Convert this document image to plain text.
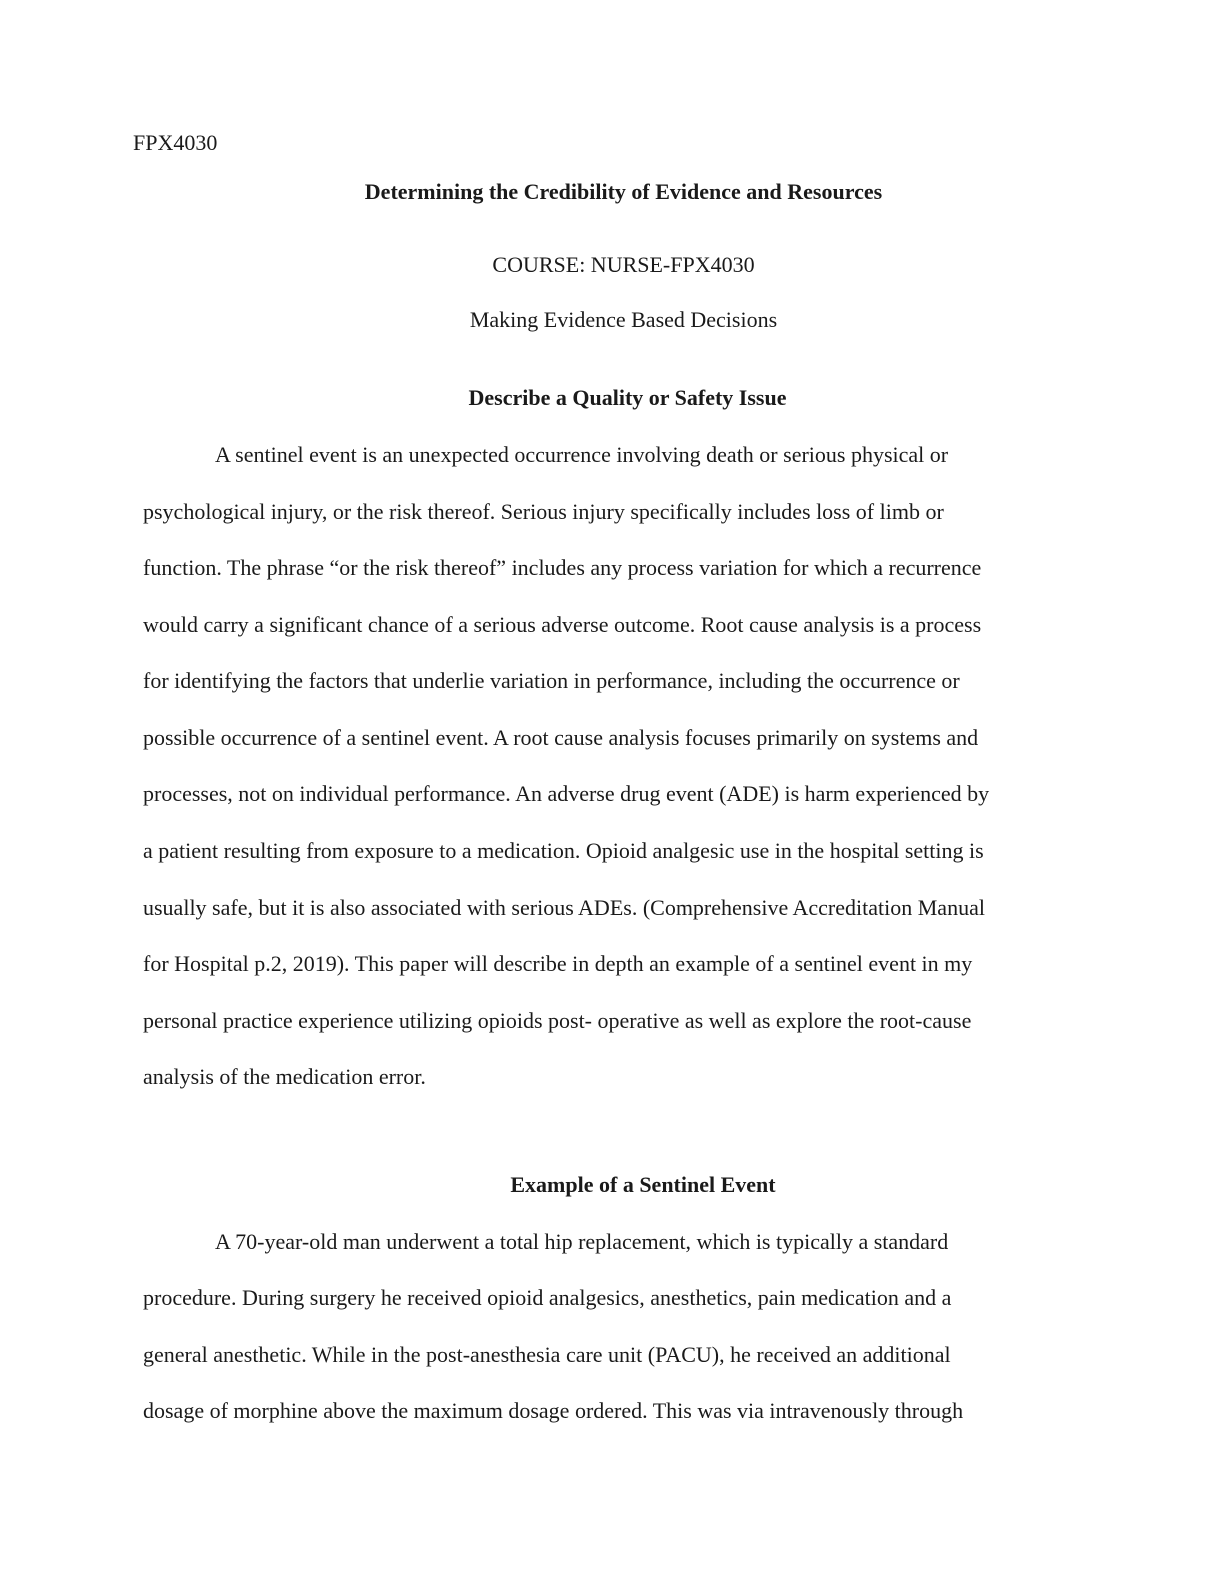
FPX4030
Determining the Credibility of Evidence and Resources
COURSE: NURSE-FPX4030
Making Evidence Based Decisions
Describe a Quality or Safety Issue
A sentinel event is an unexpected occurrence involving death or serious physical or
psychological injury, or the risk thereof. Serious injury specifically includes loss of limb or
function. The phrase “or the risk thereof” includes any process variation for which a recurrence
would carry a significant chance of a serious adverse outcome. Root cause analysis is a process
for identifying the factors that underlie variation in performance, including the occurrence or
possible occurrence of a sentinel event. A root cause analysis focuses primarily on systems and
processes, not on individual performance. An adverse drug event (ADE) is harm experienced by
a patient resulting from exposure to a medication. Opioid analgesic use in the hospital setting is
usually safe, but it is also associated with serious ADEs. (Comprehensive Accreditation Manual
for Hospital p.2, 2019). This paper will describe in depth an example of a sentinel event in my
personal practice experience utilizing opioids post- operative as well as explore the root-cause
analysis of the medication error.
Example of a Sentinel Event
A 70-year-old man underwent a total hip replacement, which is typically a standard
procedure. During surgery he received opioid analgesics, anesthetics, pain medication and a
general anesthetic. While in the post-anesthesia care unit (PACU), he received an additional
dosage of morphine above the maximum dosage ordered. This was via intravenously through
